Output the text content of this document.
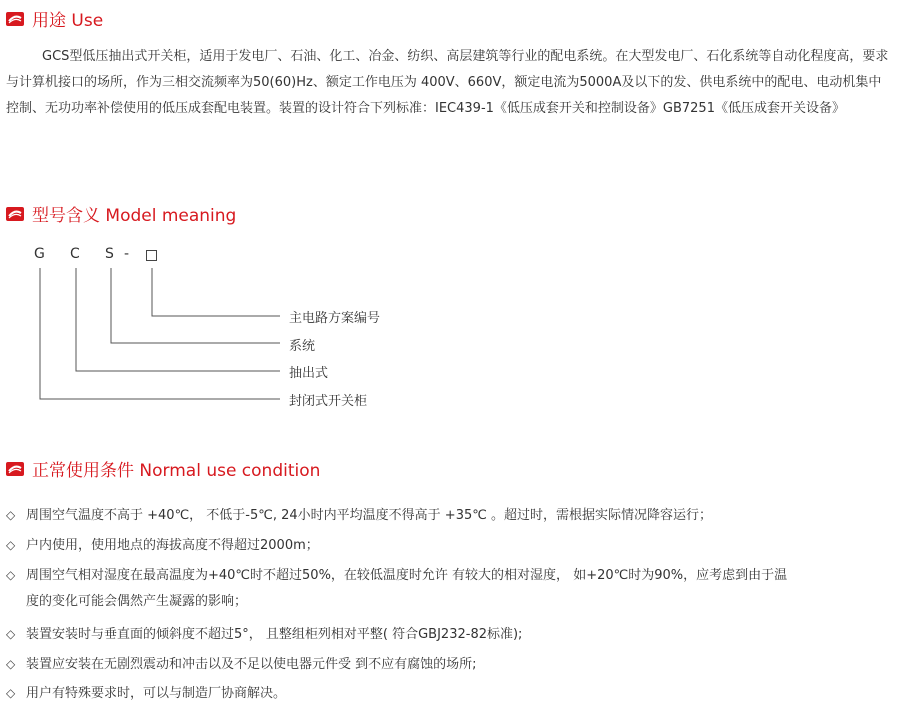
用途 Use
GCS型低压抽出式开关柜，适用于发电厂、石油、化工、冶金、纺织、高层建筑等行业的配电系统。在大型发电厂、石化系统等自动化程度高，要求与计算机接口的场所，作为三相交流频率为50(60)Hz、额定工作电压为 400V、660V，额定电流为5000A及以下的发、供电系统中的配电、电动机集中控制、无功功率补偿使用的低压成套配电装置。装置的设计符合下列标准：IEC439-1《低压成套开关和控制设备》GB7251《低压成套开关设备》
型号含义 Model meaning
G C S -
主电路方案编号
系统
抽出式
封闭式开关柜
正常使用条件 Normal use condition
◇ 周围空气温度不高于 +40℃， 不低于-5℃, 24小时内平均温度不得高于 +35℃ 。超过时，需根据实际情况降容运行；
◇ 户内使用，使用地点的海拔高度不得超过2000m；
◇ 周围空气相对湿度在最高温度为+40℃时不超过50%，在较低温度时允许 有较大的相对湿度， 如+20℃时为90%，应考虑到由于温
度的变化可能会偶然产生凝露的影响；
◇ 装置安装时与垂直面的倾斜度不超过5°， 且整组柜列相对平整( 符合GBJ232-82标准);
◇ 装置应安装在无剧烈震动和冲击以及不足以使电器元件受 到不应有腐蚀的场所;
◇ 用户有特殊要求时，可以与制造厂协商解决。
